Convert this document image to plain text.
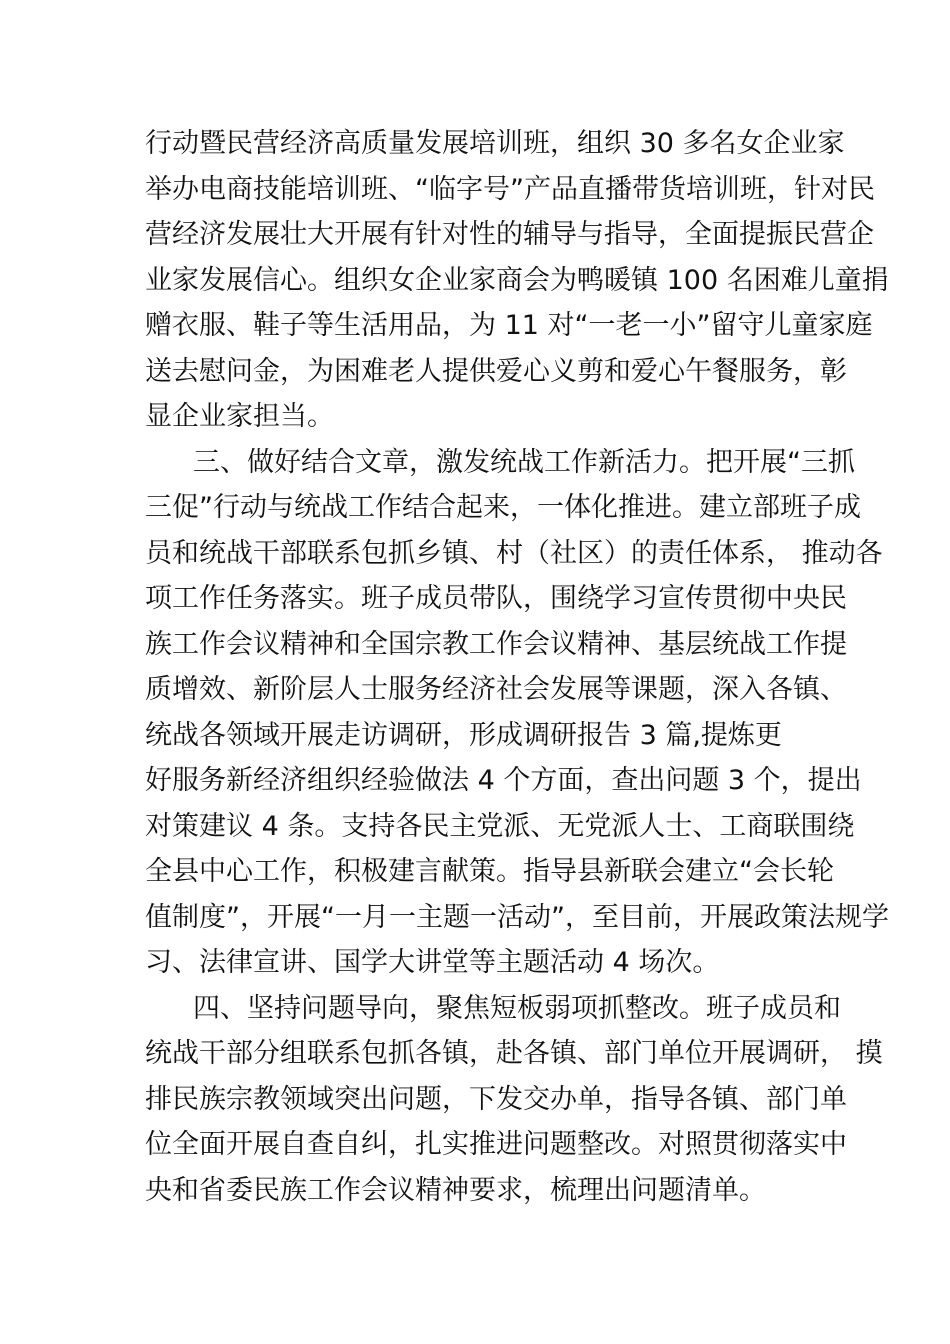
行动暨民营经济高质量发展培训班，组织 30 多名女企业家
举办电商技能培训班、“临字号”产品直播带货培训班，针对民
营经济发展壮大开展有针对性的辅导与指导，全面提振民营企
业家发展信心。组织女企业家商会为鸭暖镇 100 名困难儿童捐
赠衣服、鞋子等生活用品，为 11 对“一老一小”留守儿童家庭
送去慰问金，为困难老人提供爱心义剪和爱心午餐服务，彰
显企业家担当。
三、做好结合文章，激发统战工作新活力。把开展“三抓
三促”行动与统战工作结合起来，一体化推进。建立部班子成
员和统战干部联系包抓乡镇、村（社区）的责任体系， 推动各
项工作任务落实。班子成员带队，围绕学习宣传贯彻中央民
族工作会议精神和全国宗教工作会议精神、基层统战工作提
质增效、新阶层人士服务经济社会发展等课题，深入各镇、
统战各领域开展走访调研，形成调研报告 3 篇,提炼更
好服务新经济组织经验做法 4 个方面，查出问题 3 个，提出
对策建议 4 条。支持各民主党派、无党派人士、工商联围绕
全县中心工作，积极建言献策。指导县新联会建立“会长轮
值制度”，开展“一月一主题一活动”，至目前，开展政策法规学
习、法律宣讲、国学大讲堂等主题活动 4 场次。
四、坚持问题导向，聚焦短板弱项抓整改。班子成员和
统战干部分组联系包抓各镇，赴各镇、部门单位开展调研， 摸
排民族宗教领域突出问题，下发交办单，指导各镇、部门单
位全面开展自查自纠，扎实推进问题整改。对照贯彻落实中
央和省委民族工作会议精神要求，梳理出问题清单。
